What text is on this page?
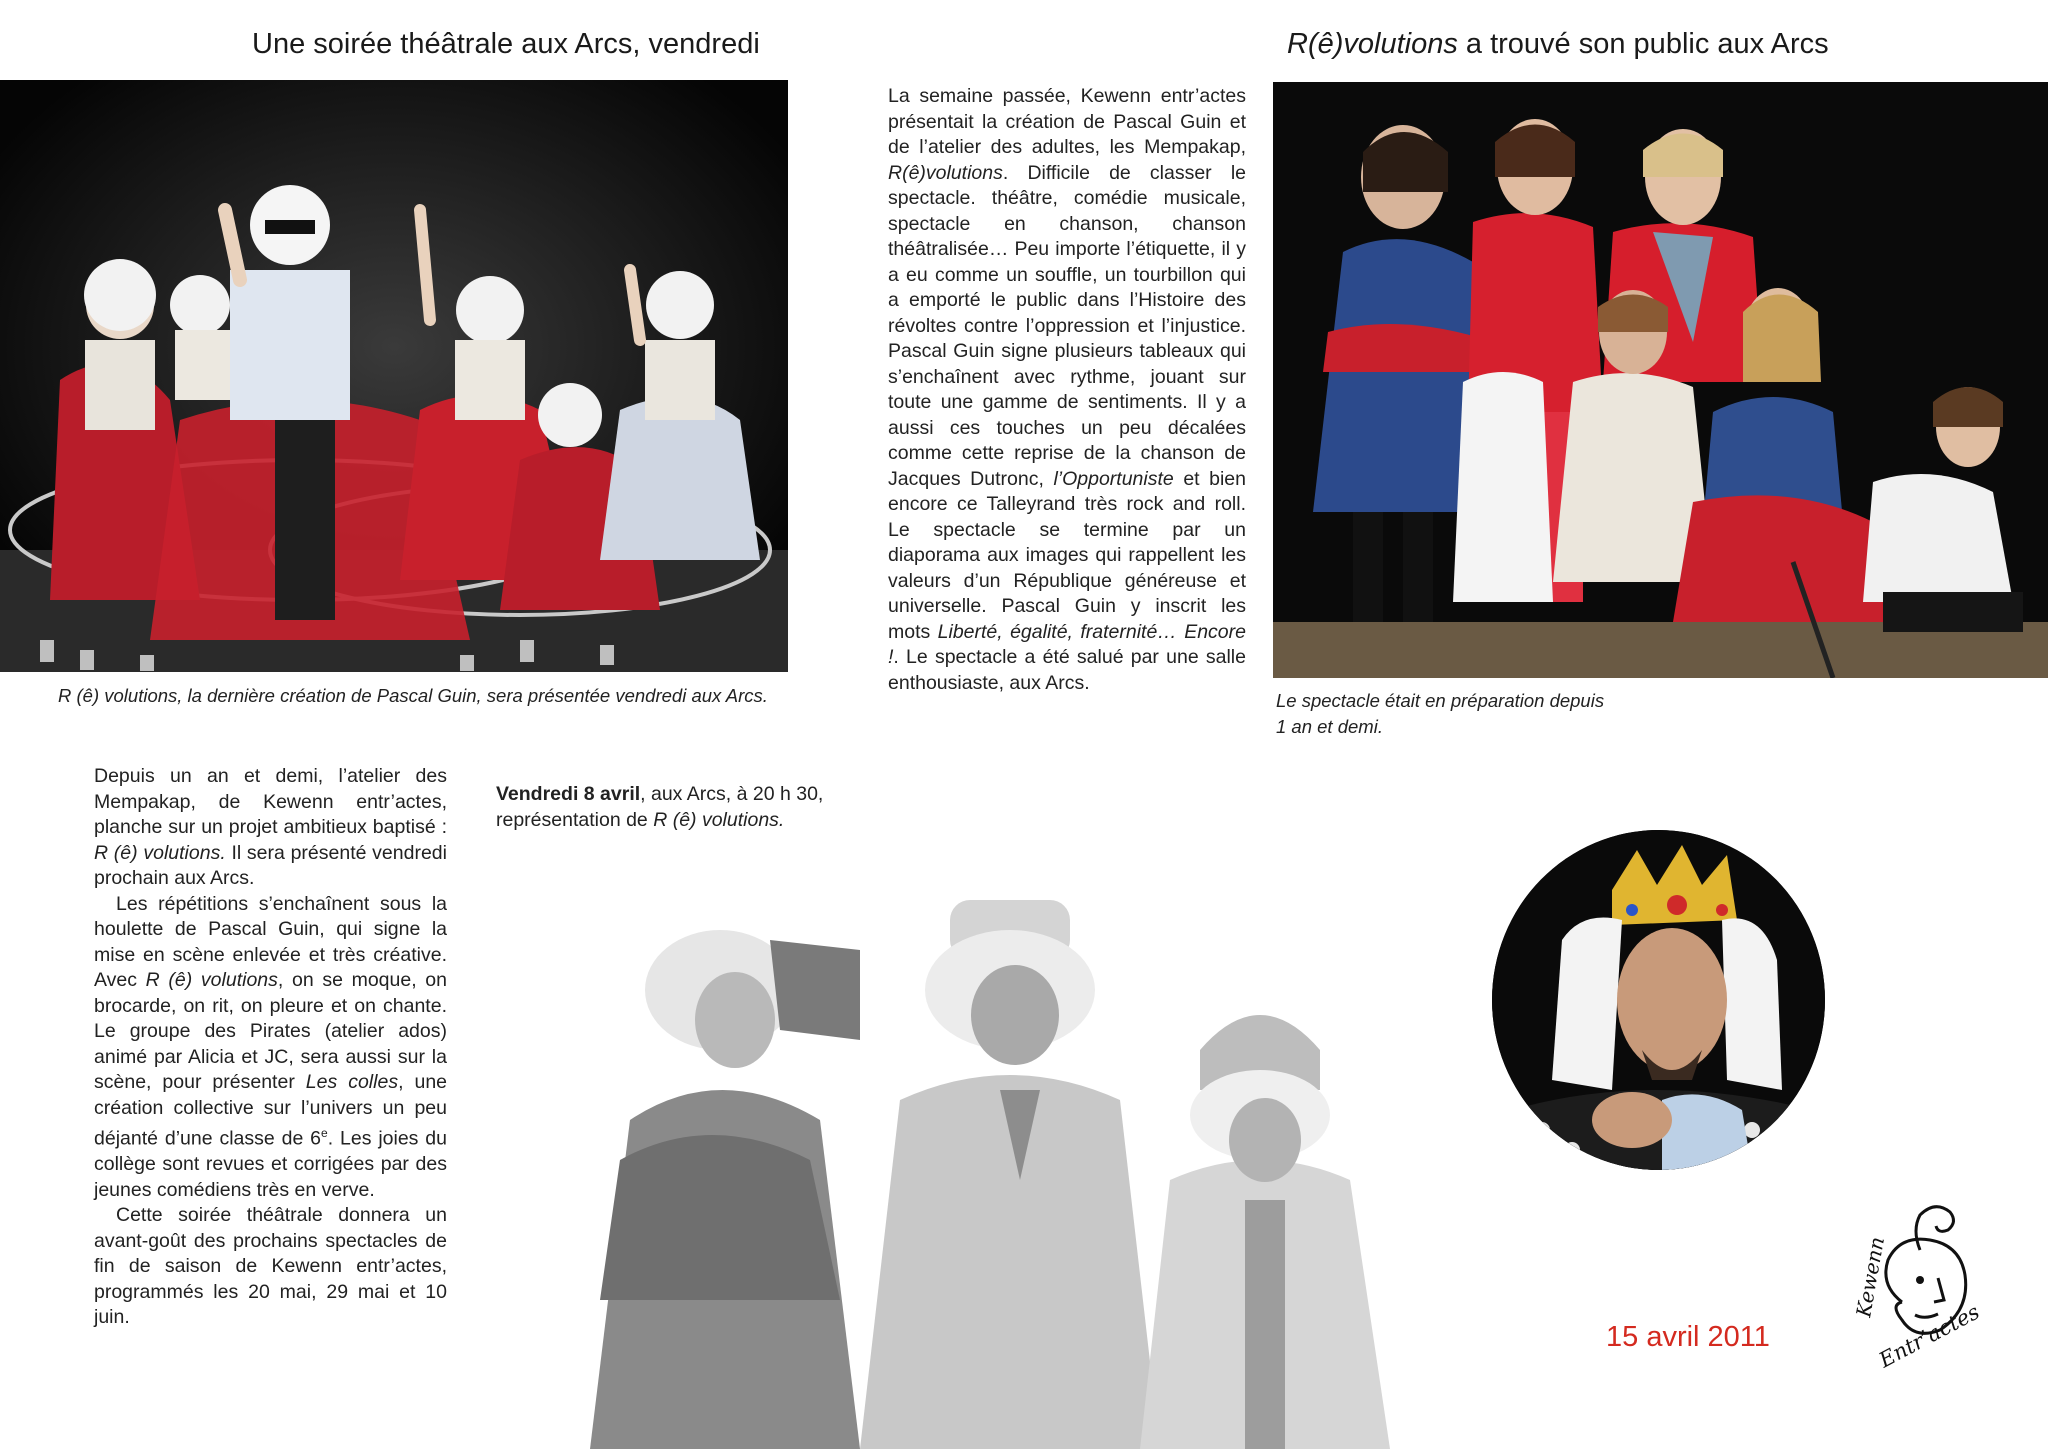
Une soirée théâtrale aux Arcs, vendredi

R (ê) volutions, la dernière création de Pascal Guin, sera présentée vendredi aux Arcs.

Depuis un an et demi, l’atelier des Mempakap, de Kewenn entr’actes, planche sur un projet ambitieux baptisé : R (ê) volutions. Il sera présenté vendredi prochain aux Arcs.

Les répétitions s’enchaînent sous la houlette de Pascal Guin, qui signe la mise en scène enlevée et très créative. Avec R (ê) volutions, on se moque, on brocarde, on rit, on pleure et on chante. Le groupe des Pirates (atelier ados) animé par Alicia et JC, sera aussi sur la scène, pour présenter Les colles, une création collective sur l’univers un peu déjanté d’une classe de 6e. Les joies du collège sont revues et corrigées par des jeunes comédiens très en verve.

Cette soirée théâtrale donnera un avant-goût des prochains spectacles de fin de saison de Kewenn entr’actes, programmés les 20 mai, 29 mai et 10 juin.

Vendredi 8 avril, aux Arcs, à 20 h 30, représentation de R (ê) volutions.
R(ê)volutions a trouvé son public aux Arcs
La semaine passée, Kewenn entr’actes présentait la création de Pascal Guin et de l’atelier des adultes, les Mempakap, R(ê)volutions. Difficile de classer le spectacle. théâtre, comédie musicale, spectacle en chanson, chanson théâtralisée… Peu importe l’étiquette, il y a eu comme un souffle, un tourbillon qui a emporté le public dans l’Histoire des révoltes contre l’oppression et l’injustice. Pascal Guin signe plusieurs tableaux qui s’enchaînent avec rythme, jouant sur toute une gamme de sentiments. Il y a aussi ces touches un peu décalées comme cette reprise de la chanson de Jacques Dutronc, l’Opportuniste et bien encore ce Talleyrand très rock and roll. Le spectacle se termine par un diaporama aux images qui rappellent les valeurs d’un République généreuse et universelle. Pascal Guin y inscrit les mots Liberté, égalité, fraternité… Encore !. Le spectacle a été salué par une salle enthousiaste, aux Arcs.

Le spectacle était en préparation depuis 1 an et demi.

15 avril 2011
Kewenn
Entr’actes
